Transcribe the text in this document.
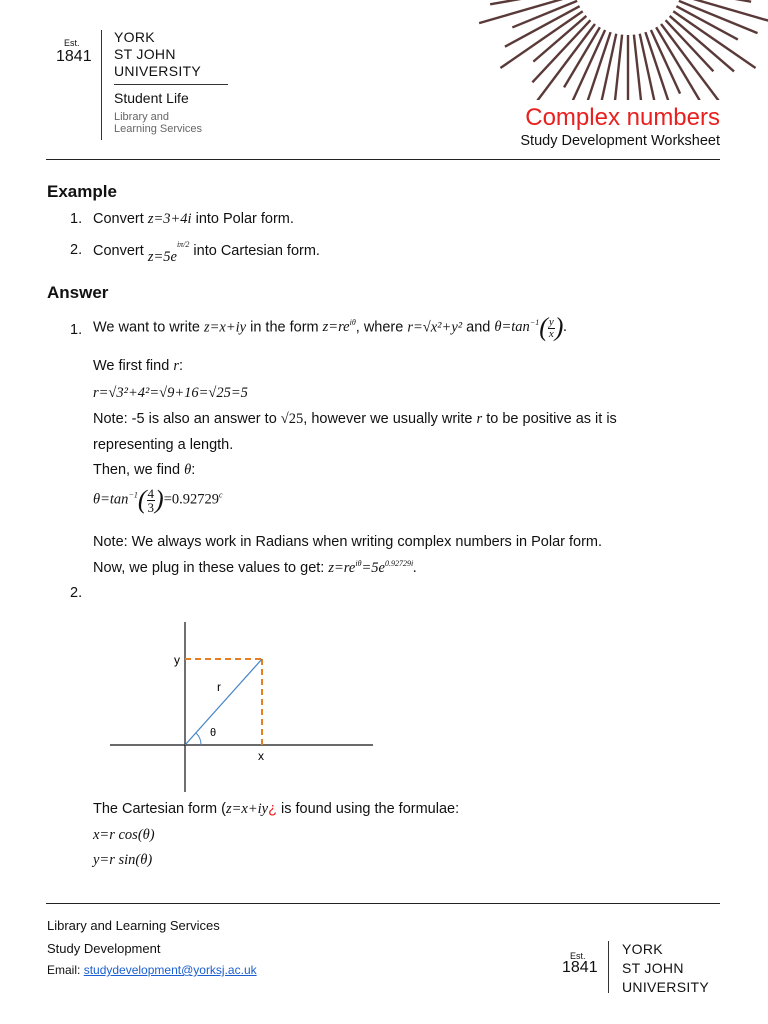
Est.
1841
YORK
ST JOHN
UNIVERSITY
Student Life
Library and
Learning Services	Complex numbers
Study Development Worksheet
Example
1. Convert z=3+4i into Polar form.
2. Convert $z=5e^{i\pi/2}$ into Cartesian form.
Answer
1. We want to write z=x+iy in the form $z=re^{i\theta}$, where r=√x²+y² and $\theta=\tan^{-1}( \frac{y}{x}$ ).
We first find r:
r=√3²+4²=√9+16=√25=5
Note: -5 is also an answer to √25, however we usually write r to be positive as it is
representing a length.
Then, we find θ:
$\theta=\tan^{-1}( \frac{4}{3} )=0.92729^c$
Note: We always work in Radians when writing complex numbers in Polar form.
Now, we plug in these values to get: $z=re^{i\theta}=5e^{0.92729i}$.
2.
y
x
r
θ
The Cartesian form (z=x+iy¿ is found using the formulae:
x=r cos(θ)
y=r sin(θ)
Library and Learning Services
Study Development
Email: studydevelopment@yorksj.ac.uk
Est.
1841
YORK
ST JOHN
UNIVERSITY
